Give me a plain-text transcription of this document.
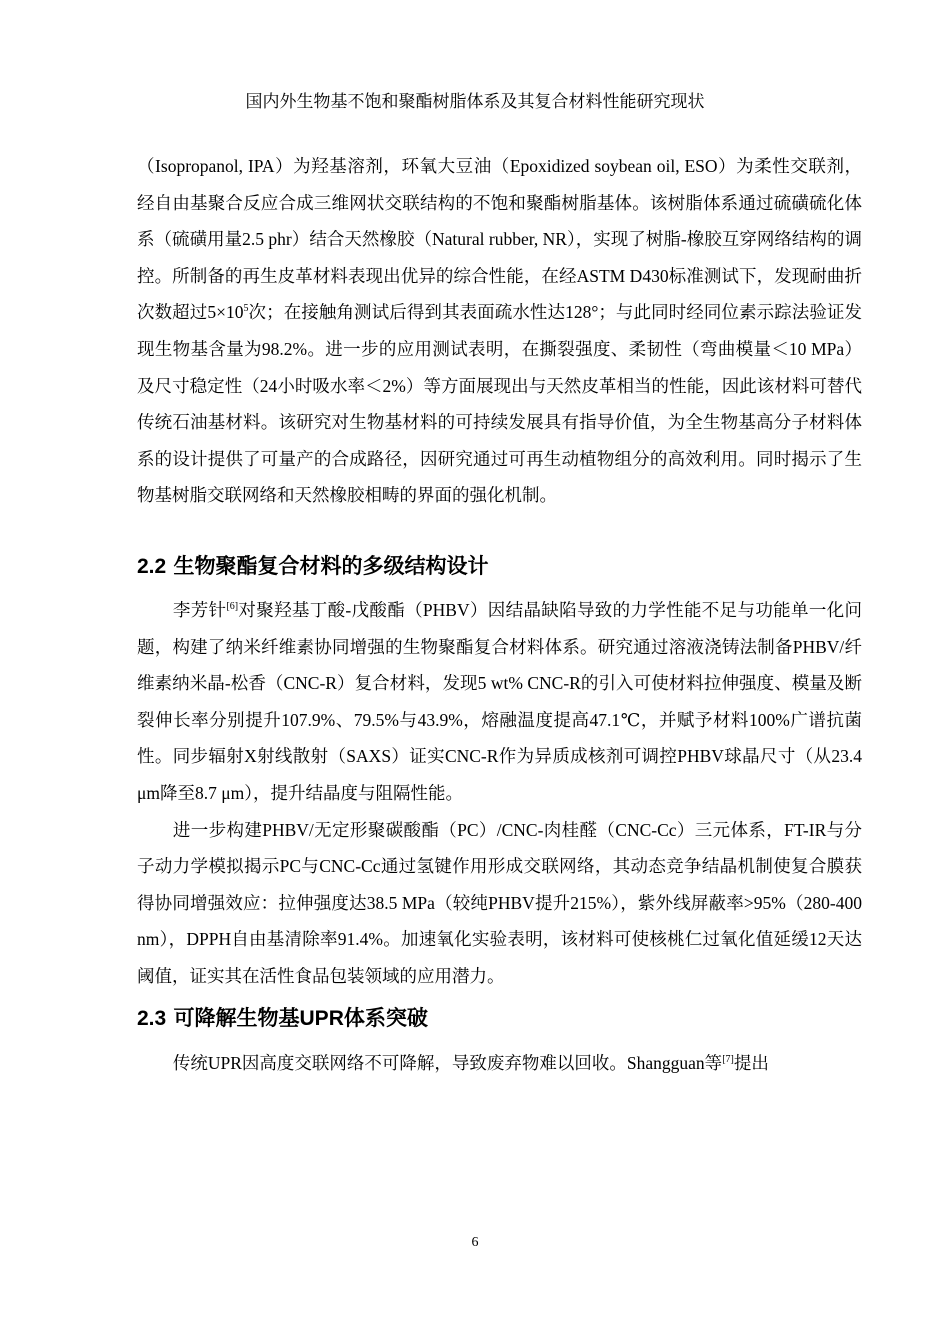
国内外生物基不饱和聚酯树脂体系及其复合材料性能研究现状

（Isopropanol, IPA）为羟基溶剂，环氧大豆油（Epoxidized soybean oil, ESO）为柔性交联剂，经自由基聚合反应合成三维网状交联结构的不饱和聚酯树脂基体。该树脂体系通过硫磺硫化体系（硫磺用量2.5 phr）结合天然橡胶（Natural rubber, NR），实现了树脂-橡胶互穿网络结构的调控。所制备的再生皮革材料表现出优异的综合性能，在经ASTM D430标准测试下，发现耐曲折次数超过$5\times 10^5$次；在接触角测试后得到其表面疏水性达128°；与此同时经同位素示踪法验证发现生物基含量为98.2%。进一步的应用测试表明，在撕裂强度、柔韧性（弯曲模量＜10 MPa）及尺寸稳定性（24小时吸水率＜2%）等方面展现出与天然皮革相当的性能，因此该材料可替代传统石油基材料。该研究对生物基材料的可持续发展具有指导价值，为全生物基高分子材料体系的设计提供了可量产的合成路径，因研究通过可再生动植物组分的高效利用。同时揭示了生物基树脂交联网络和天然橡胶相畴的界面的强化机制。

2.2 生物聚酯复合材料的多级结构设计

李芳针[6]对聚羟基丁酸-戊酸酯（PHBV）因结晶缺陷导致的力学性能不足与功能单一化问题，构建了纳米纤维素协同增强的生物聚酯复合材料体系。研究通过溶液浇铸法制备PHBV/纤维素纳米晶-松香（CNC-R）复合材料，发现5 wt% CNC-R的引入可使材料拉伸强度、模量及断裂伸长率分别提升107.9%、79.5%与43.9%，熔融温度提高47.1℃，并赋予材料100%广谱抗菌性。同步辐射X射线散射（SAXS）证实CNC-R作为异质成核剂可调控PHBV球晶尺寸（从23.4 μm降至8.7 μm），提升结晶度与阻隔性能。

进一步构建PHBV/无定形聚碳酸酯（PC）/CNC-肉桂醛（CNC-Cc）三元体系，FT-IR与分子动力学模拟揭示PC与CNC-Cc通过氢键作用形成交联网络，其动态竞争结晶机制使复合膜获得协同增强效应：拉伸强度达38.5 MPa（较纯PHBV提升215%），紫外线屏蔽率>95%（280-400 nm），DPPH自由基清除率91.4%。加速氧化实验表明，该材料可使核桃仁过氧化值延缓12天达阈值，证实其在活性食品包装领域的应用潜力。

2.3 可降解生物基UPR体系突破

传统UPR因高度交联网络不可降解，导致废弃物难以回收。Shangguan等[7]提出

6
